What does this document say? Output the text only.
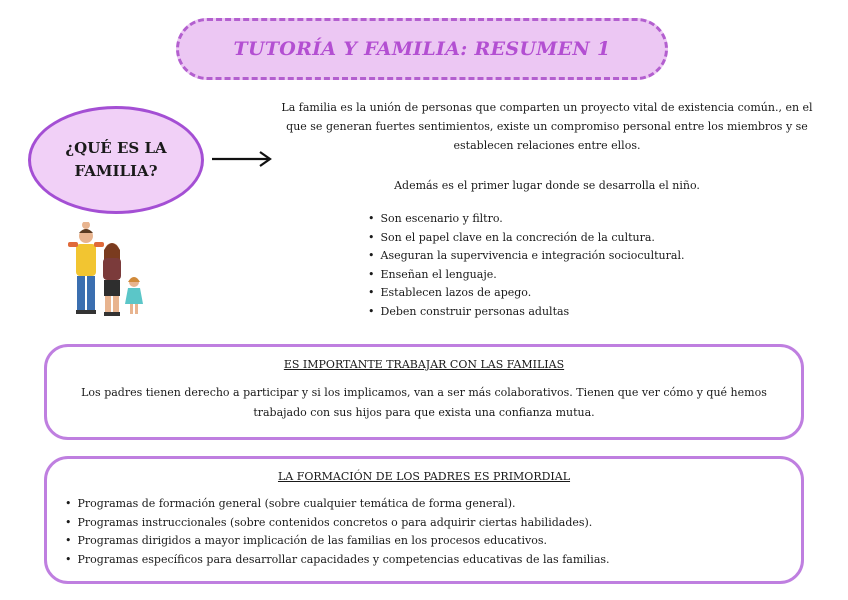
TUTORÍA Y FAMILIA: RESUMEN 1
¿QUÉ ES LA
FAMILIA?

La familia es la unión de personas que comparten un proyecto vital de existencia común., en el que se generan fuertes sentimientos, existe un compromiso personal entre los miembros y se establecen relaciones entre ellos.

Además es el primer lugar donde se desarrolla el niño.

• Son escenario y filtro.
• Son el papel clave en la concreción de la cultura.
• Aseguran la supervivencia e integración sociocultural.
• Enseñan el lenguaje.
• Establecen lazos de apego.
• Deben construir personas adultas

ES IMPORTANTE TRABAJAR CON LAS FAMILIAS

Los padres tienen derecho a participar y si los implicamos, van a ser más colaborativos. Tienen que ver cómo y qué hemos trabajado con sus hijos para que exista una confianza mutua.

LA FORMACIÓN DE LOS PADRES ES PRIMORDIAL

• Programas de formación general (sobre cualquier temática de forma general).
• Programas instruccionales (sobre contenidos concretos o para adquirir ciertas habilidades).
• Programas dirigidos a mayor implicación de las familias en los procesos educativos.
• Programas específicos para desarrollar capacidades y competencias educativas de las familias.
